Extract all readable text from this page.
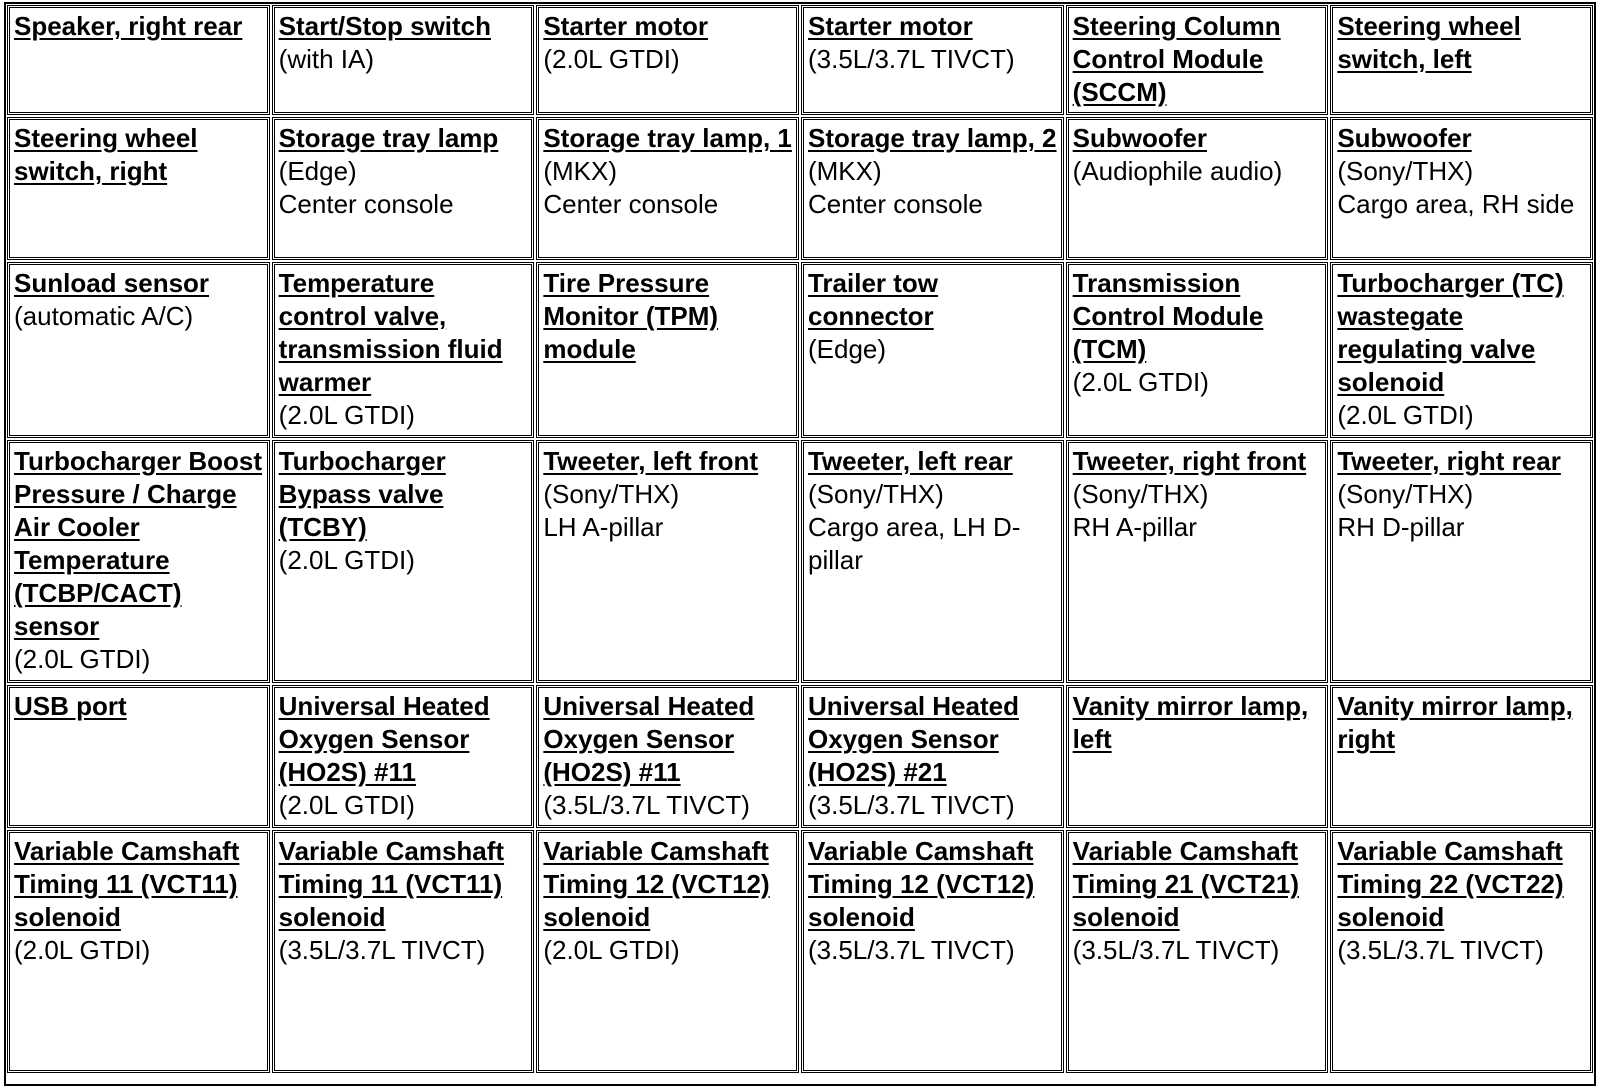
Speaker, right rear	Start/Stop switch
(with IA)
Starter motor
(2.0L GTDI)
Starter motor
(3.5L/3.7L TIVCT)
Steering Column Control Module (SCCM)
Steering wheel switch, left
Steering wheel switch, right
Storage tray lamp
(Edge)
Center console
Storage tray lamp, 1
(MKX)
Center console
Storage tray lamp, 2
(MKX)
Center console
Subwoofer
(Audiophile audio)
Subwoofer
(Sony/THX)
Cargo area, RH side
Sunload sensor
(automatic A/C)
Temperature control valve, transmission fluid warmer
(2.0L GTDI)
Tire Pressure Monitor (TPM) module
Trailer tow connector
(Edge)
Transmission Control Module (TCM)
(2.0L GTDI)
Turbocharger (TC) wastegate regulating valve solenoid
(2.0L GTDI)
Turbocharger Boost Pressure / Charge Air Cooler Temperature (TCBP/CACT) sensor
(2.0L GTDI)
Turbocharger Bypass valve (TCBY)
(2.0L GTDI)
Tweeter, left front
(Sony/THX)
LH A-pillar
Tweeter, left rear
(Sony/THX)
Cargo area, LH D-pillar
Tweeter, right front
(Sony/THX)
RH A-pillar
Tweeter, right rear
(Sony/THX)
RH D-pillar
USB port	Universal Heated Oxygen Sensor (HO2S) #11
(2.0L GTDI)
Universal Heated Oxygen Sensor (HO2S) #11
(3.5L/3.7L TIVCT)
Universal Heated Oxygen Sensor (HO2S) #21
(3.5L/3.7L TIVCT)
Vanity mirror lamp, left
Vanity mirror lamp, right
Variable Camshaft Timing 11 (VCT11) solenoid
(2.0L GTDI)
Variable Camshaft Timing 11 (VCT11) solenoid
(3.5L/3.7L TIVCT)
Variable Camshaft Timing 12 (VCT12) solenoid
(2.0L GTDI)
Variable Camshaft Timing 12 (VCT12) solenoid
(3.5L/3.7L TIVCT)
Variable Camshaft Timing 21 (VCT21) solenoid
(3.5L/3.7L TIVCT)
Variable Camshaft Timing 22 (VCT22) solenoid
(3.5L/3.7L TIVCT)
